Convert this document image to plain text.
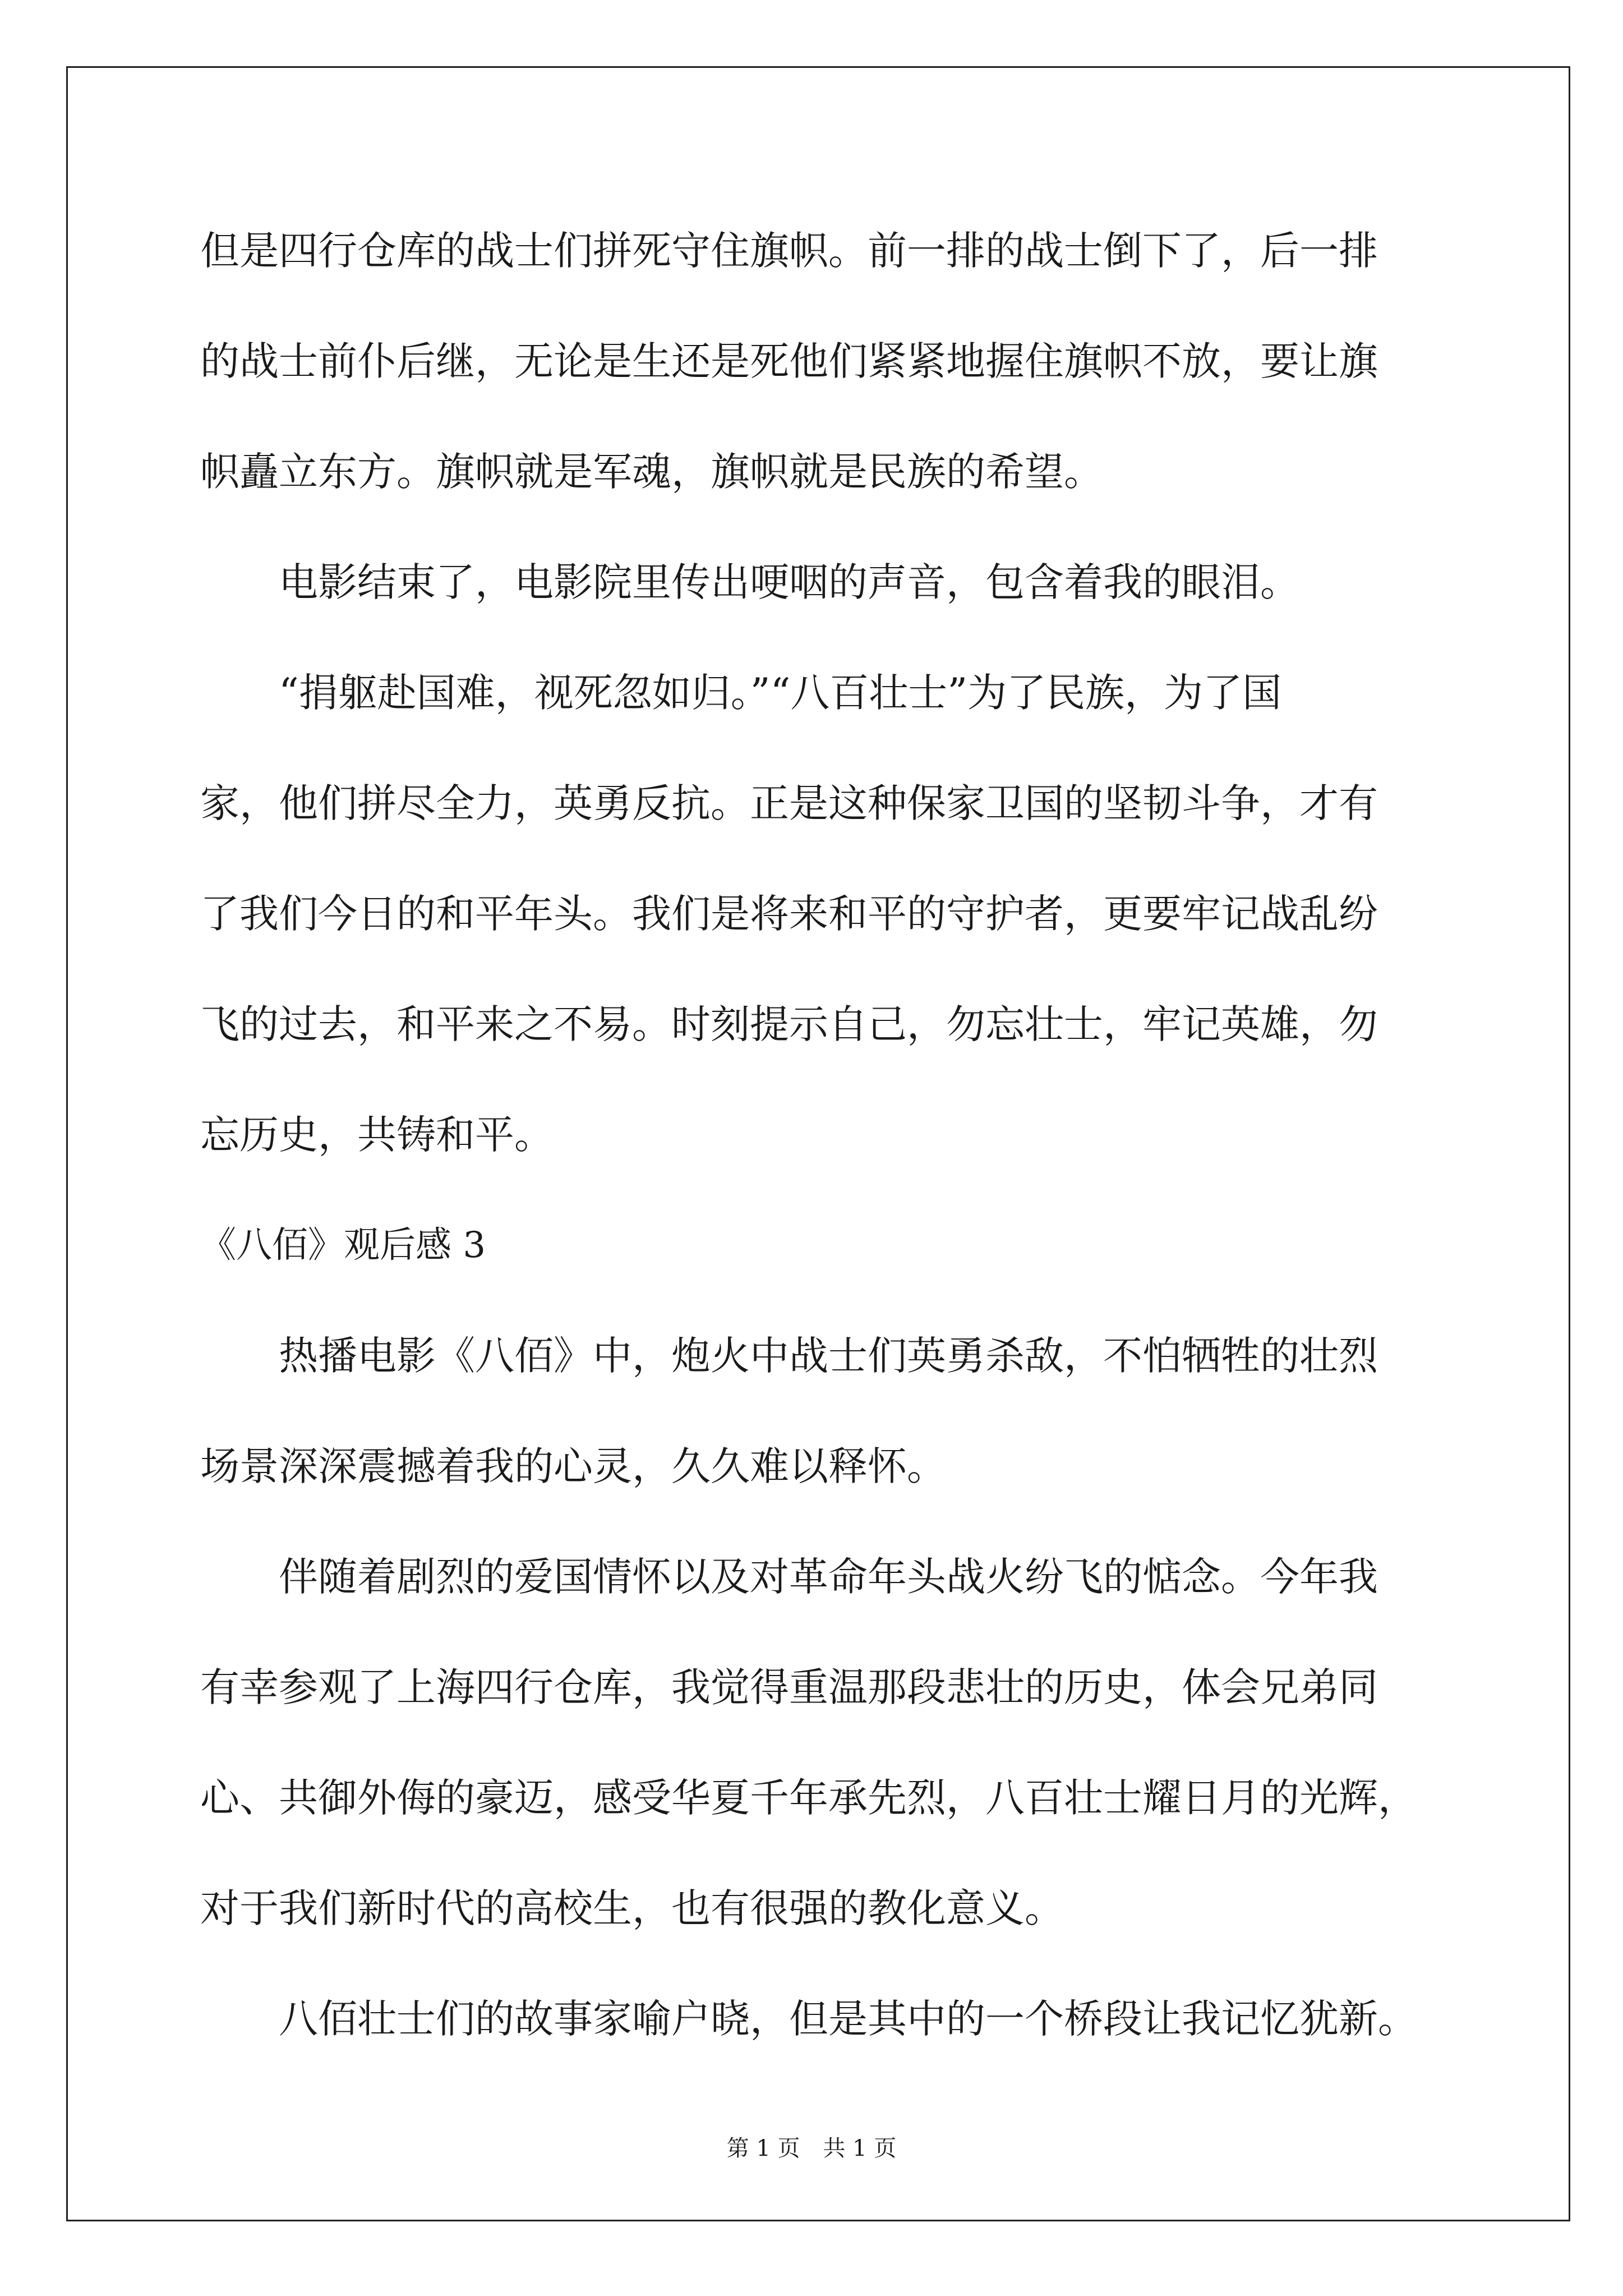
但是四行仓库的战士们拼死守住旗帜。前一排的战士倒下了，后一排
的战士前仆后继，无论是生还是死他们紧紧地握住旗帜不放，要让旗
帜矗立东方。旗帜就是军魂，旗帜就是民族的希望。
电影结束了，电影院里传出哽咽的声音，包含着我的眼泪。
“捐躯赴国难，视死忽如归。”“八百壮士”为了民族，为了国
家，他们拼尽全力，英勇反抗。正是这种保家卫国的坚韧斗争，才有
了我们今日的和平年头。我们是将来和平的守护者，更要牢记战乱纷
飞的过去，和平来之不易。时刻提示自己，勿忘壮士，牢记英雄，勿
忘历史，共铸和平。
《八佰》观后感 3
热播电影《八佰》中，炮火中战士们英勇杀敌，不怕牺牲的壮烈
场景深深震撼着我的心灵，久久难以释怀。
伴随着剧烈的爱国情怀以及对革命年头战火纷飞的惦念。今年我
有幸参观了上海四行仓库，我觉得重温那段悲壮的历史，体会兄弟同
心、共御外侮的豪迈，感受华夏千年承先烈，八百壮士耀日月的光辉，
对于我们新时代的高校生，也有很强的教化意义。
八佰壮士们的故事家喻户晓，但是其中的一个桥段让我记忆犹新。
第 1 页 共 1 页
